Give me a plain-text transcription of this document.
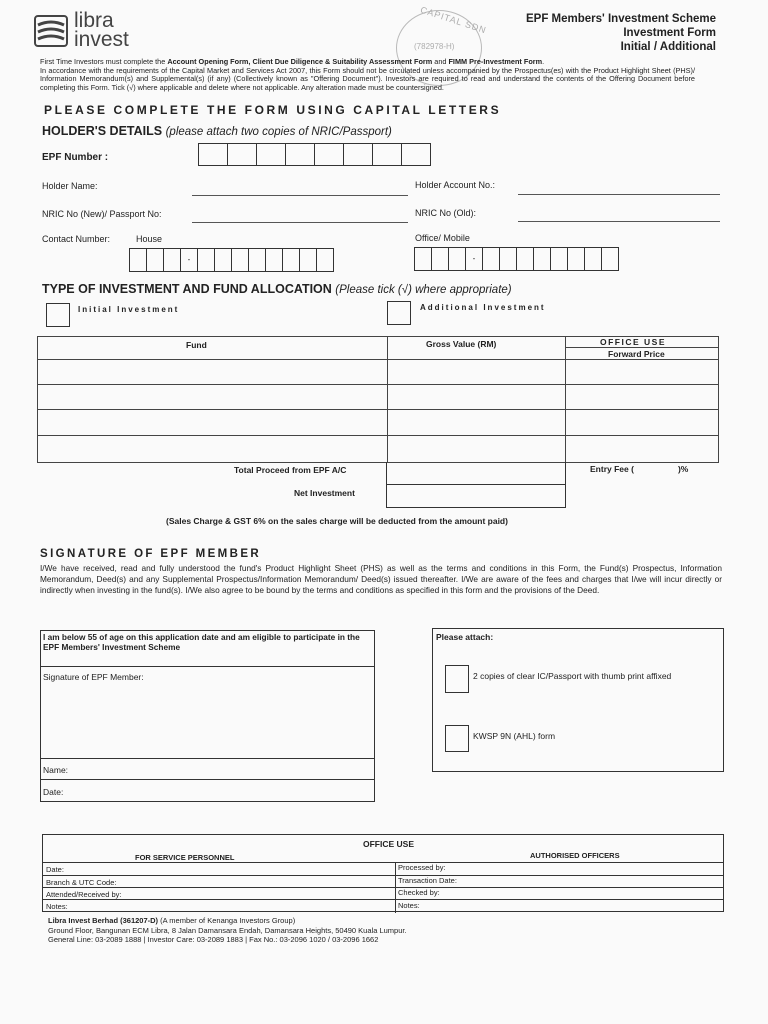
libra
invest
CAPITAL SDN
(782978-H)
EPF Members' Investment Scheme
Investment Form
Initial / Additional
First Time Investors must complete the Account Opening Form, Client Due Diligence & Suitability Assessment Form and FIMM Pre-Investment Form.
In accordance with the requirements of the Capital Market and Services Act 2007, this Form should not be circulated unless accompanied by the Prospectus(es) with the Product Highlight Sheet (PHS)/ Information Memorandum(s) and Supplemental(s) (if any) (Collectively known as "Offering Document"). Investors are required to read and understand the contents of the Offering Document before completing this Form. Tick (√) where applicable and delete where not applicable. Any alteration made must be countersigned.
PLEASE COMPLETE THE FORM USING CAPITAL LETTERS
HOLDER'S DETAILS (please attach two copies of NRIC/Passport)
EPF Number :
Holder Name:	Holder Account No.:
NRIC No (New)/ Passport No:	NRIC No (Old):
Contact Number:	House	Office/ Mobile
-	-
TYPE OF INVESTMENT AND FUND ALLOCATION (Please tick (√) where appropriate)
Initial Investment	Additional Investment
Fund	Gross Value (RM)	OFFICE USE
Forward Price
Total Proceed from EPF A/C
Net Investment
Entry Fee (	)%
(Sales Charge & GST 6% on the sales charge will be deducted from the amount paid)
SIGNATURE OF EPF MEMBER
I/We have received, read and fully understood the fund's Product Highlight Sheet (PHS) as well as the terms and conditions in this Form, the Fund(s) Prospectus, Information Memorandum, Deed(s) and any Supplemental Prospectus/Information Memorandum/ Deed(s) issued thereafter. I/We are aware of the fees and charges that I/we will incur directly or indirectly when investing in the fund(s). I/We also agree to be bound by the terms and conditions as specified in this form and the provisions of the Deed.
I am below 55 of age on this application date and am eligible to participate in the EPF Members' Investment Scheme
Signature of EPF Member:
Name:
Date:
Please attach:
2 copies of clear IC/Passport with thumb print affixed
KWSP 9N (AHL) form
OFFICE USE
FOR SERVICE PERSONNEL	AUTHORISED OFFICERS
Date:
Branch & UTC Code:
Attended/Received by:
Notes:
Processed by:
Transaction Date:
Checked by:
Notes:
Libra Invest Berhad (361207-D) (A member of Kenanga Investors Group)
Ground Floor, Bangunan ECM Libra, 8 Jalan Damansara Endah, Damansara Heights, 50490 Kuala Lumpur.
General Line: 03-2089 1888 | Investor Care: 03-2089 1883 | Fax No.: 03-2096 1020 / 03-2096 1662
